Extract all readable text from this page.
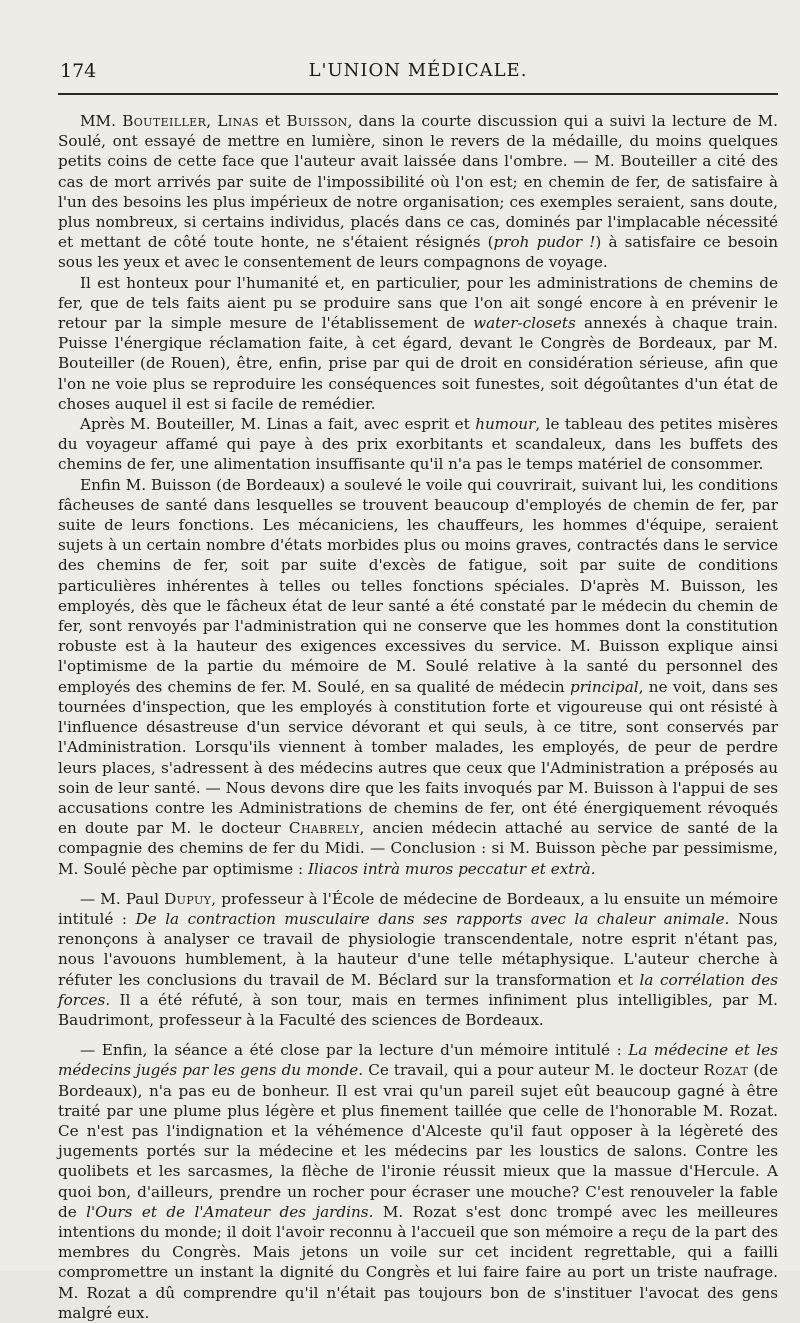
174	L'UNION MÉDICALE.

MM. Bouteiller, Linas et Buisson, dans la courte discussion qui a suivi la lecture de M. Soulé, ont essayé de mettre en lumière, sinon le revers de la médaille, du moins quelques petits coins de cette face que l'auteur avait laissée dans l'ombre. — M. Bouteiller a cité des cas de mort arrivés par suite de l'impossibilité où l'on est; en chemin de fer, de satisfaire à l'un des besoins les plus impérieux de notre organisation; ces exemples seraient, sans doute, plus nombreux, si certains individus, placés dans ce cas, dominés par l'implacable nécessité et mettant de côté toute honte, ne s'étaient résignés (proh pudor !) à satisfaire ce besoin sous les yeux et avec le consentement de leurs compagnons de voyage.

Il est honteux pour l'humanité et, en particulier, pour les administrations de chemins de fer, que de tels faits aient pu se produire sans que l'on ait songé encore à en prévenir le retour par la simple mesure de l'établissement de water-closets annexés à chaque train. Puisse l'énergique réclamation faite, à cet égard, devant le Congrès de Bordeaux, par M. Bouteiller (de Rouen), être, enfin, prise par qui de droit en considération sérieuse, afin que l'on ne voie plus se reproduire les conséquences soit funestes, soit dégoûtantes d'un état de choses auquel il est si facile de remédier.

Après M. Bouteiller, M. Linas a fait, avec esprit et humour, le tableau des petites misères du voyageur affamé qui paye à des prix exorbitants et scandaleux, dans les buffets des chemins de fer, une alimentation insuffisante qu'il n'a pas le temps matériel de consommer.

Enfin M. Buisson (de Bordeaux) a soulevé le voile qui couvrirait, suivant lui, les conditions fâcheuses de santé dans lesquelles se trouvent beaucoup d'employés de chemin de fer, par suite de leurs fonctions. Les mécaniciens, les chauffeurs, les hommes d'équipe, seraient sujets à un certain nombre d'états morbides plus ou moins graves, contractés dans le service des chemins de fer, soit par suite d'excès de fatigue, soit par suite de conditions particulières inhérentes à telles ou telles fonctions spéciales. D'après M. Buisson, les employés, dès que le fâcheux état de leur santé a été constaté par le médecin du chemin de fer, sont renvoyés par l'administration qui ne conserve que les hommes dont la constitution robuste est à la hauteur des exigences excessives du service. M. Buisson explique ainsi l'optimisme de la partie du mémoire de M. Soulé relative à la santé du personnel des employés des chemins de fer. M. Soulé, en sa qualité de médecin principal, ne voit, dans ses tournées d'inspection, que les employés à constitution forte et vigoureuse qui ont résisté à l'influence désastreuse d'un service dévorant et qui seuls, à ce titre, sont conservés par l'Administration. Lorsqu'ils viennent à tomber malades, les employés, de peur de perdre leurs places, s'adressent à des médecins autres que ceux que l'Administration a préposés au soin de leur santé. — Nous devons dire que les faits invoqués par M. Buisson à l'appui de ses accusations contre les Administrations de chemins de fer, ont été énergiquement révoqués en doute par M. le docteur Chabrely, ancien médecin attaché au service de santé de la compagnie des chemins de fer du Midi. — Conclusion : si M. Buisson pèche par pessimisme, M. Soulé pèche par optimisme : Iliacos intrà muros peccatur et extrà.

— M. Paul Dupuy, professeur à l'École de médecine de Bordeaux, a lu ensuite un mémoire intitulé : De la contraction musculaire dans ses rapports avec la chaleur animale. Nous renonçons à analyser ce travail de physiologie transcendentale, notre esprit n'étant pas, nous l'avouons humblement, à la hauteur d'une telle métaphysique. L'auteur cherche à réfuter les conclusions du travail de M. Béclard sur la transformation et la corrélation des forces. Il a été réfuté, à son tour, mais en termes infiniment plus intelligibles, par M. Baudrimont, professeur à la Faculté des sciences de Bordeaux.

— Enfin, la séance a été close par la lecture d'un mémoire intitulé : La médecine et les médecins jugés par les gens du monde. Ce travail, qui a pour auteur M. le docteur Rozat (de Bordeaux), n'a pas eu de bonheur. Il est vrai qu'un pareil sujet eût beaucoup gagné à être traité par une plume plus légère et plus finement taillée que celle de l'honorable M. Rozat. Ce n'est pas l'indignation et la véhémence d'Alceste qu'il faut opposer à la légèreté des jugements portés sur la médecine et les médecins par les loustics de salons. Contre les quolibets et les sarcasmes, la flèche de l'ironie réussit mieux que la massue d'Hercule. A quoi bon, d'ailleurs, prendre un rocher pour écraser une mouche? C'est renouveler la fable de l'Ours et de l'Amateur des jardins. M. Rozat s'est donc trompé avec les meilleures intentions du monde; il doit l'avoir reconnu à l'accueil que son mémoire a reçu de la part des membres du Congrès. Mais jetons un voile sur cet incident regrettable, qui a failli compromettre un instant la dignité du Congrès et lui faire faire au port un triste naufrage. M. Rozat a dû comprendre qu'il n'était pas toujours bon de s'instituer l'avocat des gens malgré eux.
